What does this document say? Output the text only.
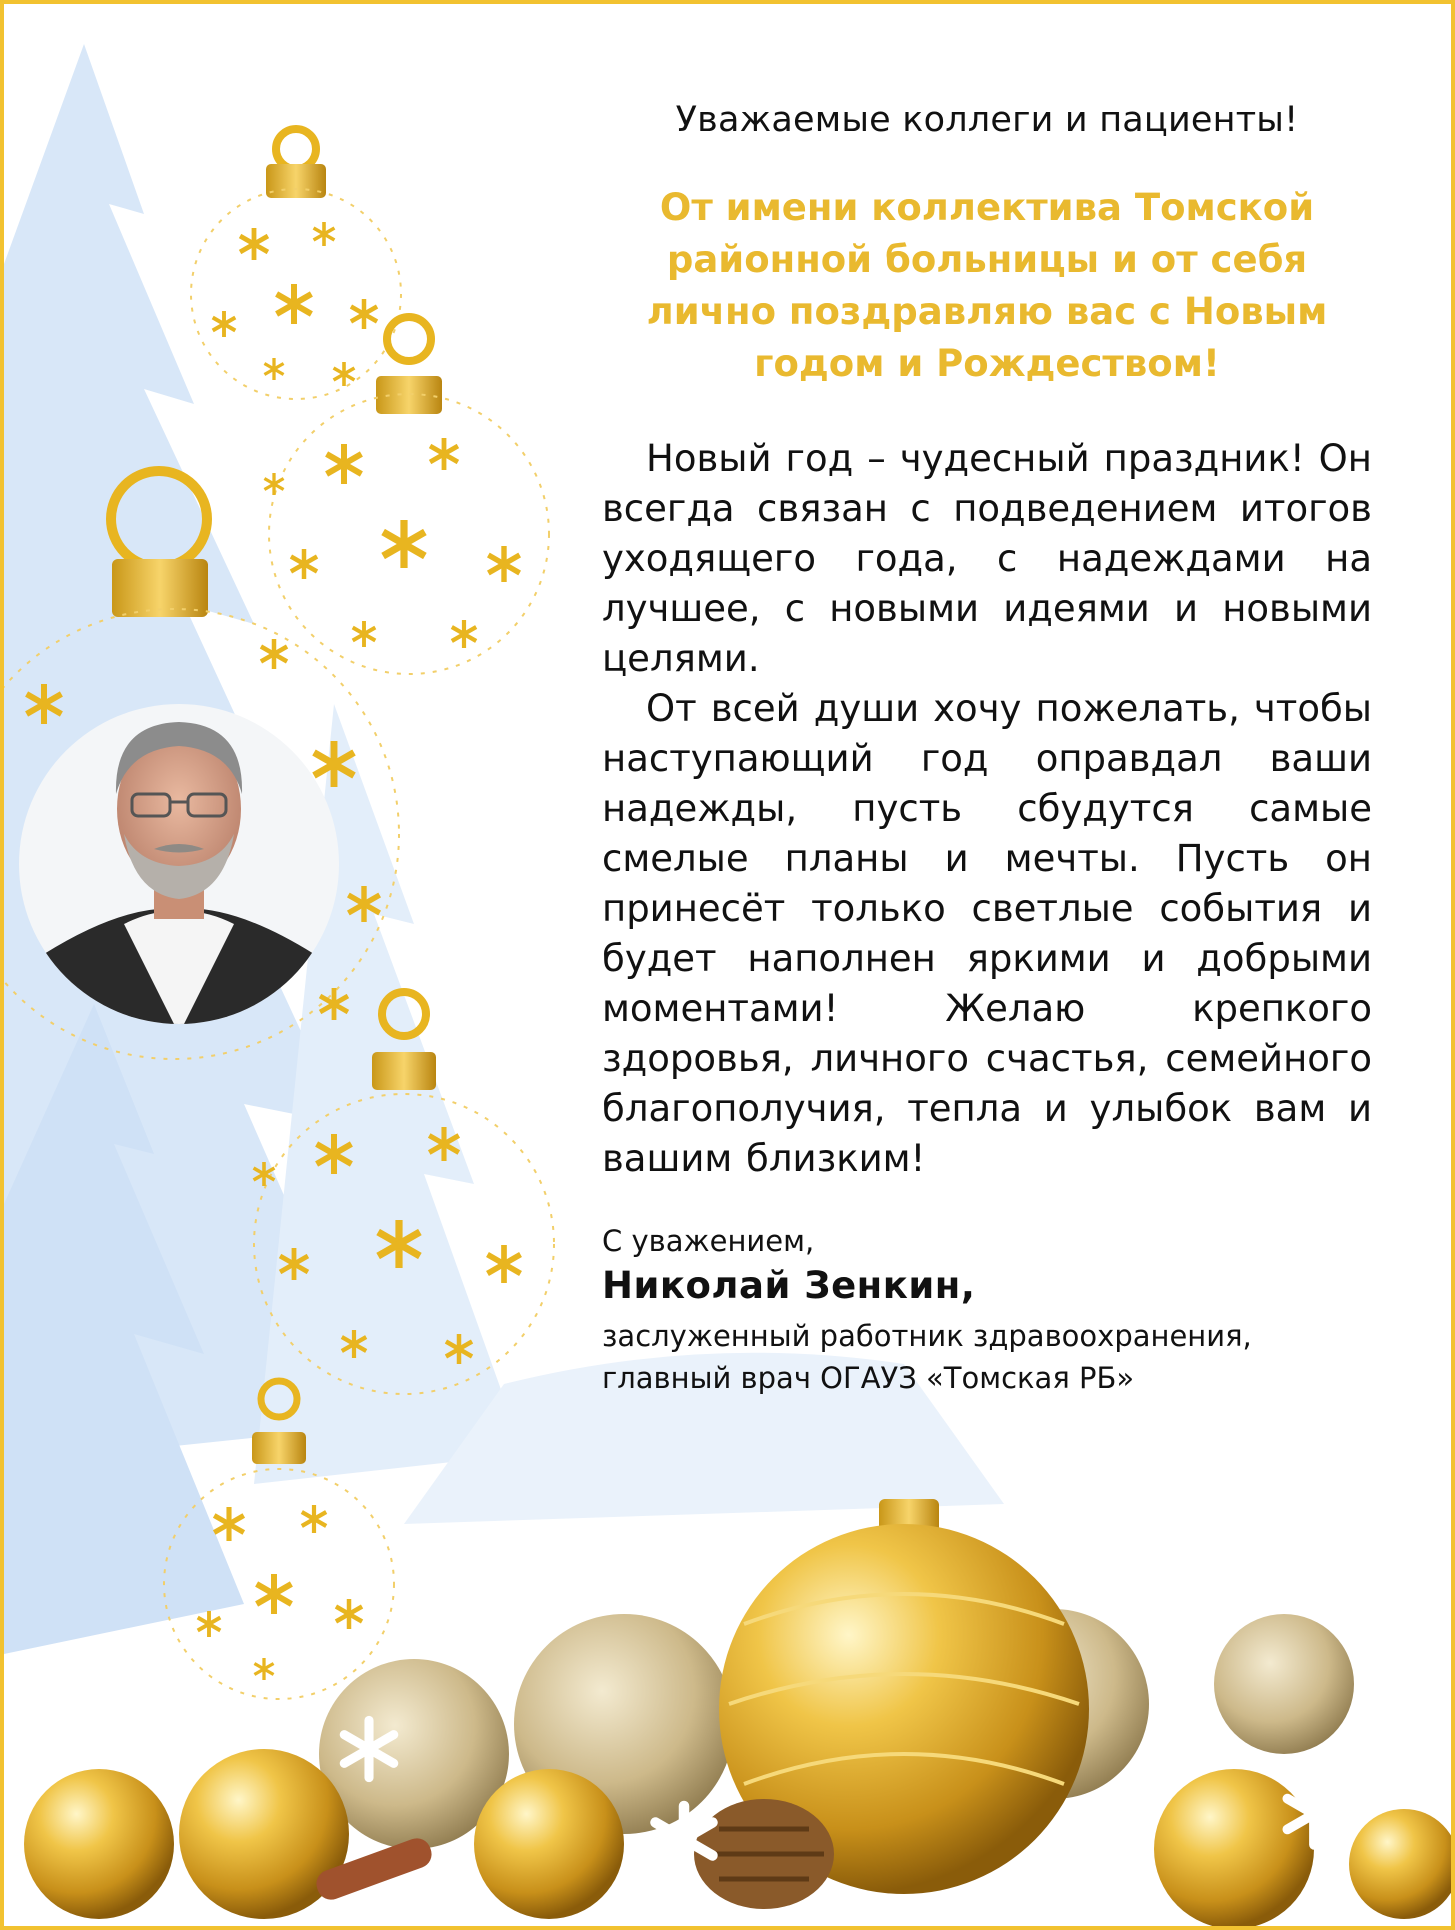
Уважаемые коллеги и пациенты!
От имени коллектива Томской районной больницы и от себя лично поздравляю вас с Новым годом и Рождеством!

Новый год – чудесный праздник! Он всегда связан с подведением итогов уходящего года, с надеждами на лучшее, с новыми идеями и новыми целями.

От всей души хочу пожелать, чтобы наступающий год оправдал ваши надежды, пусть сбудутся самые смелые планы и мечты. Пусть он принесёт только светлые события и будет наполнен яркими и добрыми моментами! Желаю крепкого здоровья, личного счастья, семейного благополучия, тепла и улыбок вам и вашим близким!

С уважением,

Николай Зенкин,

заслуженный работник здравоохранения,

главный врач ОГАУЗ «Томская РБ»
